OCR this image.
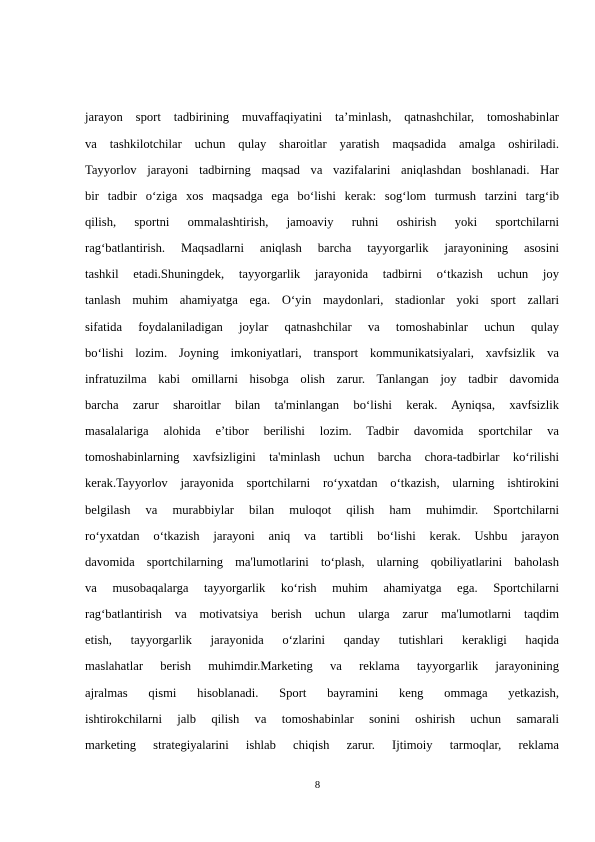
jarayon sport tadbirining muvaffaqiyatini ta’minlash, qatnashchilar, tomoshabinlar
va tashkilotchilar uchun qulay sharoitlar yaratish maqsadida amalga oshiriladi.
Tayyorlov jarayoni tadbirning maqsad va vazifalarini aniqlashdan boshlanadi. Har
bir tadbir o‘ziga xos maqsadga ega bo‘lishi kerak: sog‘lom turmush tarzini targ‘ib
qilish, sportni ommalashtirish, jamoaviy ruhni oshirish yoki sportchilarni
rag‘batlantirish. Maqsadlarni aniqlash barcha tayyorgarlik jarayonining asosini
tashkil etadi.Shuningdek, tayyorgarlik jarayonida tadbirni o‘tkazish uchun joy
tanlash muhim ahamiyatga ega. O‘yin maydonlari, stadionlar yoki sport zallari
sifatida foydalaniladigan joylar qatnashchilar va tomoshabinlar uchun qulay
bo‘lishi lozim. Joyning imkoniyatlari, transport kommunikatsiyalari, xavfsizlik va
infratuzilma kabi omillarni hisobga olish zarur. Tanlangan joy tadbir davomida
barcha zarur sharoitlar bilan ta'minlangan bo‘lishi kerak. Ayniqsa, xavfsizlik
masalalariga alohida e’tibor berilishi lozim. Tadbir davomida sportchilar va
tomoshabinlarning xavfsizligini ta'minlash uchun barcha chora-tadbirlar ko‘rilishi
kerak.Tayyorlov jarayonida sportchilarni ro‘yxatdan o‘tkazish, ularning ishtirokini
belgilash va murabbiylar bilan muloqot qilish ham muhimdir. Sportchilarni
ro‘yxatdan o‘tkazish jarayoni aniq va tartibli bo‘lishi kerak. Ushbu jarayon
davomida sportchilarning ma'lumotlarini to‘plash, ularning qobiliyatlarini baholash
va musobaqalarga tayyorgarlik ko‘rish muhim ahamiyatga ega. Sportchilarni
rag‘batlantirish va motivatsiya berish uchun ularga zarur ma'lumotlarni taqdim
etish, tayyorgarlik jarayonida o‘zlarini qanday tutishlari kerakligi haqida
maslahatlar berish muhimdir.Marketing va reklama tayyorgarlik jarayonining
ajralmas qismi hisoblanadi. Sport bayramini keng ommaga yetkazish,
ishtirokchilarni jalb qilish va tomoshabinlar sonini oshirish uchun samarali
marketing strategiyalarini ishlab chiqish zarur. Ijtimoiy tarmoqlar, reklama
8
